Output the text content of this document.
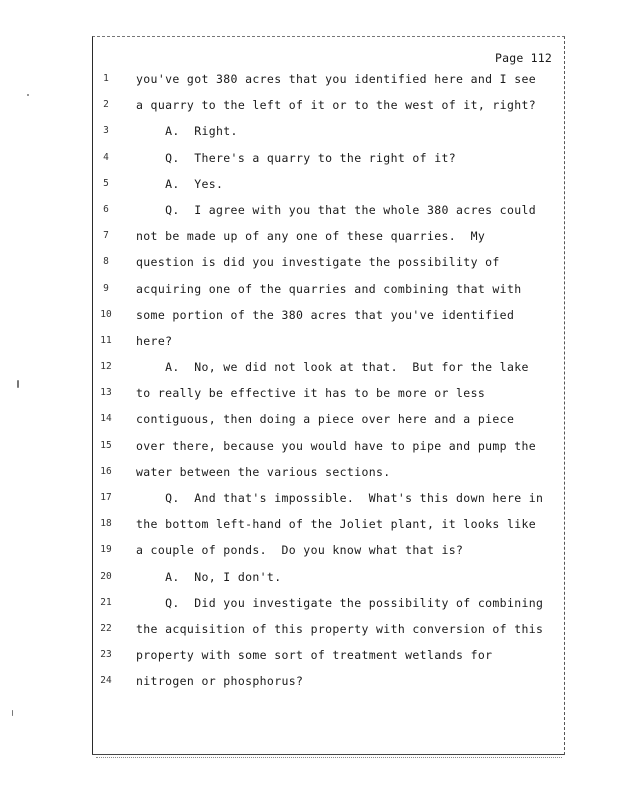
Page 112
1	you've got 380 acres that you identified here and I see
2	a quarry to the left of it or to the west of it, right?
3	A.  Right.
4	Q.  There's a quarry to the right of it?
5	A.  Yes.
6	Q.  I agree with you that the whole 380 acres could
7	not be made up of any one of these quarries.  My
8	question is did you investigate the possibility of
9	acquiring one of the quarries and combining that with
10	some portion of the 380 acres that you've identified
11	here?
12	A.  No, we did not look at that.  But for the lake
13	to really be effective it has to be more or less
14	contiguous, then doing a piece over here and a piece
15	over there, because you would have to pipe and pump the
16	water between the various sections.
17	Q.  And that's impossible.  What's this down here in
18	the bottom left-hand of the Joliet plant, it looks like
19	a couple of ponds.  Do you know what that is?
20	A.  No, I don't.
21	Q.  Did you investigate the possibility of combining
22	the acquisition of this property with conversion of this
23	property with some sort of treatment wetlands for
24	nitrogen or phosphorus?
